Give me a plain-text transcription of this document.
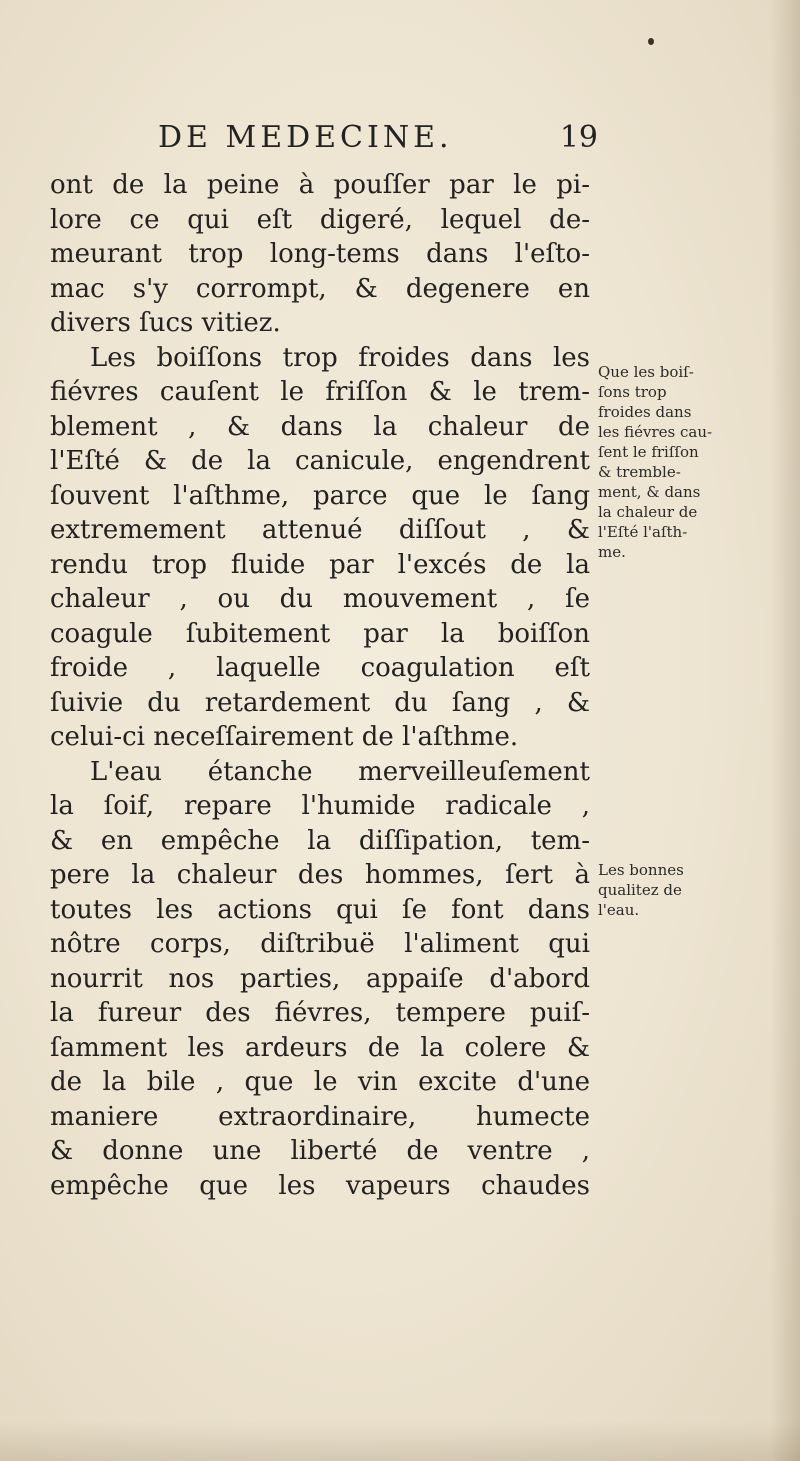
DE MEDECINE.	19
ont de la peine à pouſſer par le pi-
lore ce qui eſt digeré, lequel de-
meurant trop long-tems dans l'eſto-
mac s'y corrompt, & degenere en
divers ſucs vitiez.
Les boiſſons trop froides dans les
fiévres cauſent le friſſon & le trem-
blement , & dans la chaleur de
l'Eſté & de la canicule, engendrent
ſouvent l'aſthme, parce que le ſang
extremement attenué diſſout , &
rendu trop fluide par l'excés de la
chaleur , ou du mouvement , ſe
coagule ſubitement par la boiſſon
froide , laquelle coagulation eſt
ſuivie du retardement du ſang , &
celui-ci neceſſairement de l'aſthme.
L'eau étanche merveilleuſement
la ſoif, repare l'humide radicale ,
& en empêche la diſſipation, tem-
pere la chaleur des hommes, ſert à
toutes les actions qui ſe font dans
nôtre corps, diſtribuë l'aliment qui
nourrit nos parties, appaiſe d'abord
la fureur des fiévres, tempere puiſ-
ſamment les ardeurs de la colere &
de la bile , que le vin excite d'une
maniere extraordinaire, humecte
& donne une liberté de ventre ,
empêche que les vapeurs chaudes
Que les boiſ-
ſons trop
froides dans
les fiévres cau-
ſent le friſſon
& tremble-
ment, & dans
la chaleur de
l'Eſté l'aſth-
me.
Les bonnes
qualitez de
l'eau.
